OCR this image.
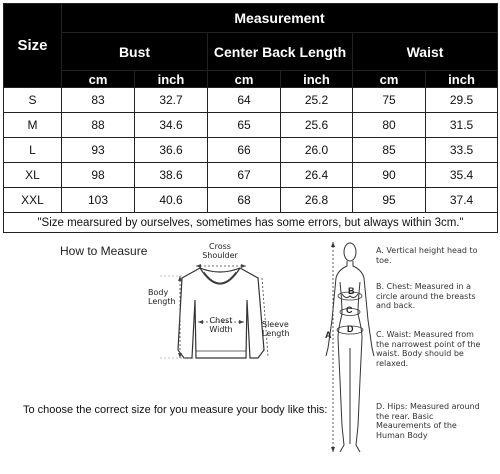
Size	Measurement					
	Bust		Center Back Length		Waist	
	cm	inch	cm	inch	cm	inch
S	83	32.7	64	25.2	75	29.5
M	88	34.6	65	25.6	80	31.5
L	93	36.6	66	26.0	85	33.5
XL	98	38.6	67	26.4	90	35.4
XXL	103	40.6	68	26.8	95	37.4
"Size mearsured by ourselves, sometimes has some errors, but always within 3cm."						
How to Measure	Cross
Shoulder
Body
Length
Chest
Width
Sleeve
Length
To choose the correct size for you measure your body like this:
B
C
A
D
A. Vertical height head to toe.
B. Chest: Measured in a circle around the breasts and back.
C. Waist: Measured from the narrowest point of the waist. Body should be relaxed.
D. Hips: Measured around the rear. Basic Meaurements of the Human Body
